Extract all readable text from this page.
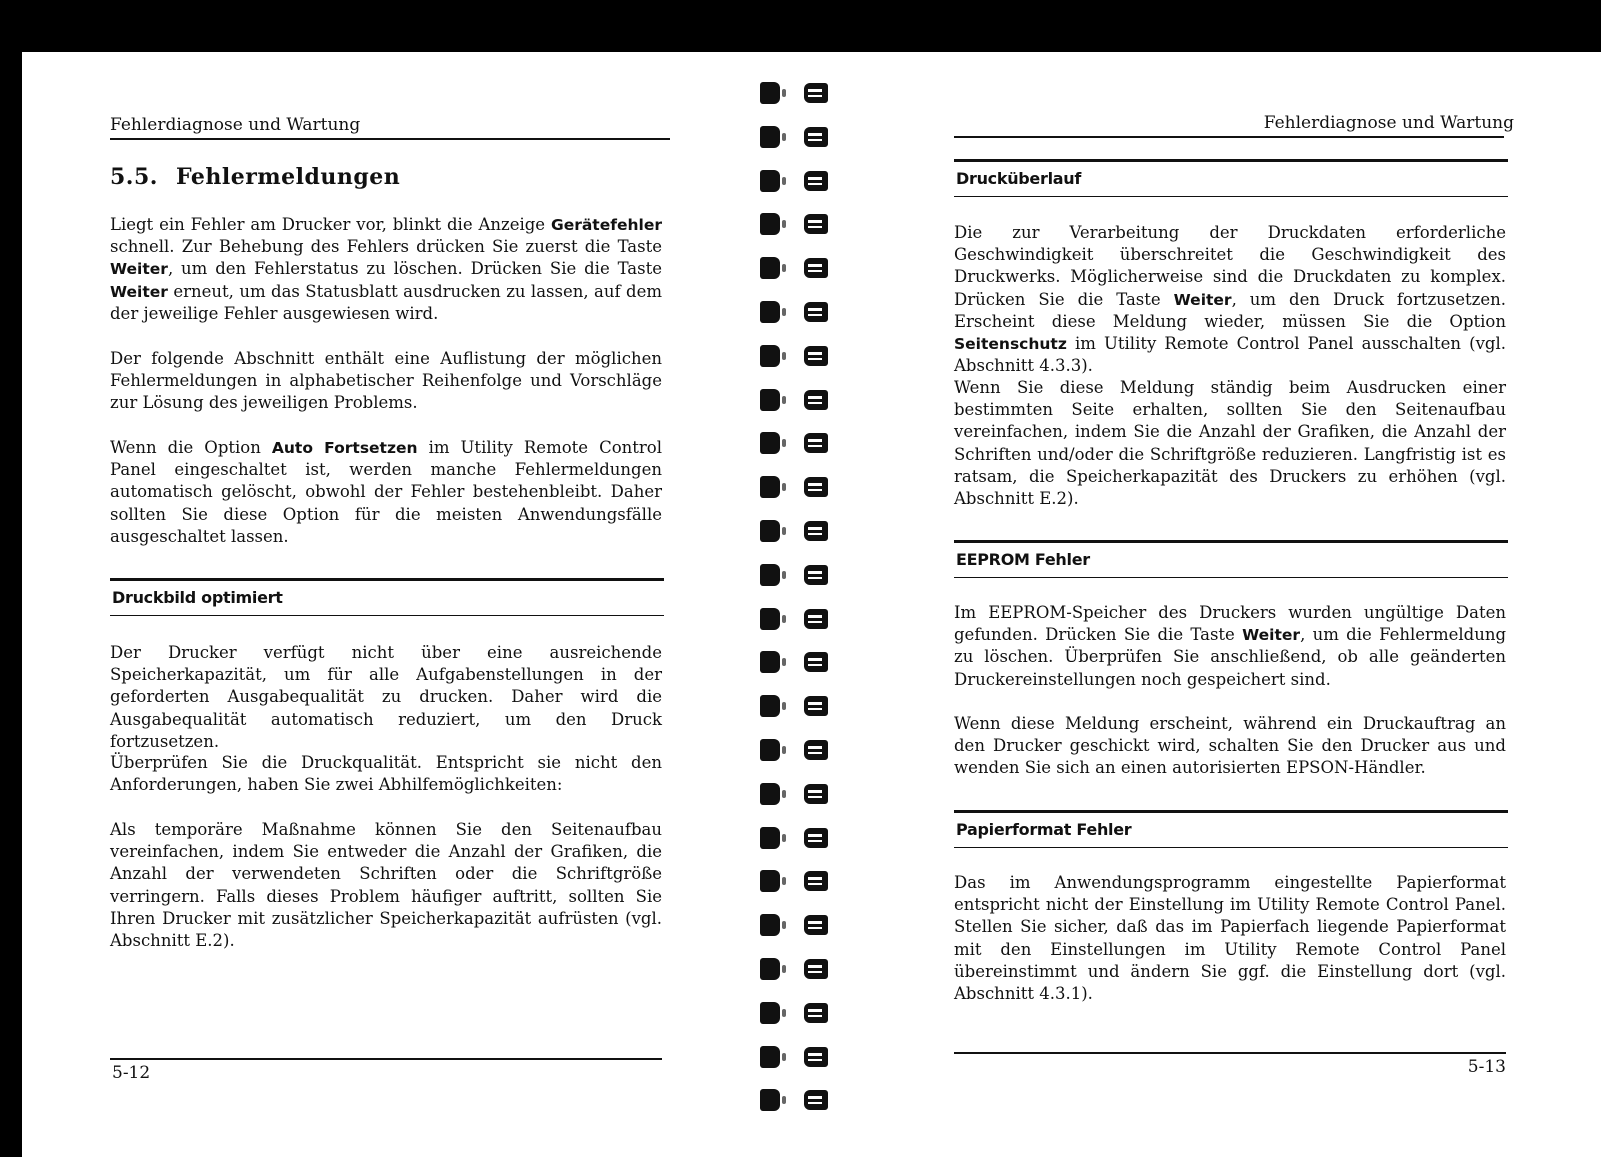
Fehlerdiagnose und Wartung
5.5. Fehlermeldungen

Liegt ein Fehler am Drucker vor, blinkt die Anzeige Gerätefehler schnell. Zur Behebung des Fehlers drücken Sie zuerst die Taste Weiter, um den Fehlerstatus zu löschen. Drücken Sie die Taste Weiter erneut, um das Statusblatt ausdrucken zu lassen, auf dem der jeweilige Fehler ausgewiesen wird.

Der folgende Abschnitt enthält eine Auflistung der möglichen Fehlermeldungen in alphabetischer Reihenfolge und Vorschläge zur Lösung des jeweiligen Problems.

Wenn die Option Auto Fortsetzen im Utility Remote Control Panel eingeschaltet ist, werden manche Fehlermeldungen automatisch gelöscht, obwohl der Fehler bestehenbleibt. Daher sollten Sie diese Option für die meisten Anwendungsfälle ausgeschaltet lassen.

Druckbild optimiert

Der Drucker verfügt nicht über eine ausreichende Speicherkapazität, um für alle Aufgabenstellungen in der geforderten Ausgabequalität zu drucken. Daher wird die Ausgabequalität automatisch reduziert, um den Druck fortzusetzen.

Überprüfen Sie die Druckqualität. Entspricht sie nicht den Anforderungen, haben Sie zwei Abhilfemöglichkeiten:

Als temporäre Maßnahme können Sie den Seitenaufbau vereinfachen, indem Sie entweder die Anzahl der Grafiken, die Anzahl der verwendeten Schriften oder die Schriftgröße verringern. Falls dieses Problem häufiger auftritt, sollten Sie Ihren Drucker mit zusätzlicher Speicherkapazität aufrüsten (vgl. Abschnitt E.2).

5-12
Fehlerdiagnose und Wartung
Drucküberlauf

Die zur Verarbeitung der Druckdaten erforderliche Geschwindigkeit überschreitet die Geschwindigkeit des Druckwerks. Möglicherweise sind die Druckdaten zu komplex. Drücken Sie die Taste Weiter, um den Druck fortzusetzen. Erscheint diese Meldung wieder, müssen Sie die Option Seitenschutz im Utility Remote Control Panel ausschalten (vgl. Abschnitt 4.3.3).

Wenn Sie diese Meldung ständig beim Ausdrucken einer bestimmten Seite erhalten, sollten Sie den Seitenaufbau vereinfachen, indem Sie die Anzahl der Grafiken, die Anzahl der Schriften und/oder die Schriftgröße reduzieren. Langfristig ist es ratsam, die Speicherkapazität des Druckers zu erhöhen (vgl. Abschnitt E.2).

EEPROM Fehler

Im EEPROM-Speicher des Druckers wurden ungültige Daten gefunden. Drücken Sie die Taste Weiter, um die Fehlermeldung zu löschen. Überprüfen Sie anschließend, ob alle geänderten Druckereinstellungen noch gespeichert sind.

Wenn diese Meldung erscheint, während ein Druckauftrag an den Drucker geschickt wird, schalten Sie den Drucker aus und wenden Sie sich an einen autorisierten EPSON-Händler.

Papierformat Fehler

Das im Anwendungsprogramm eingestellte Papierformat entspricht nicht der Einstellung im Utility Remote Control Panel. Stellen Sie sicher, daß das im Papierfach liegende Papierformat mit den Einstellungen im Utility Remote Control Panel übereinstimmt und ändern Sie ggf. die Einstellung dort (vgl. Abschnitt 4.3.1).

5-13
